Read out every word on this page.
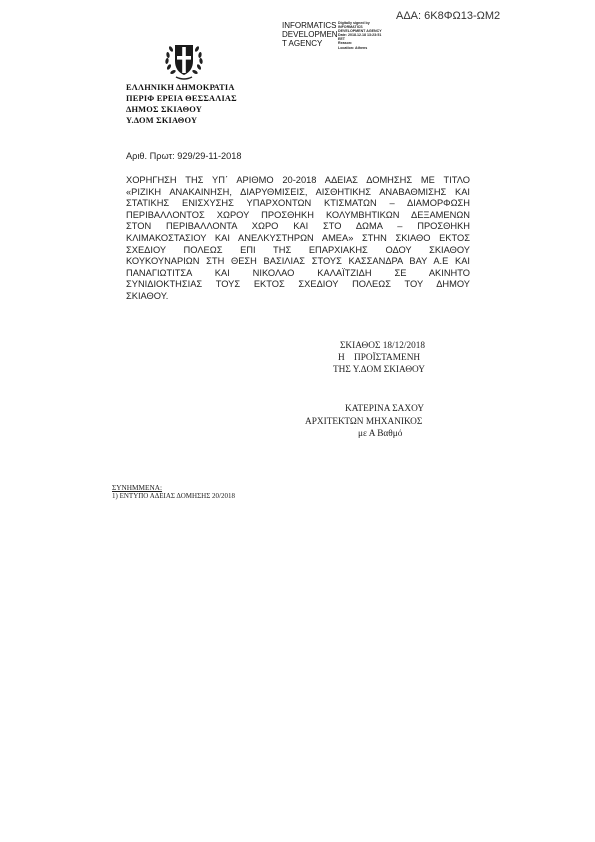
ΑΔΑ: 6Κ8ΦΩ13-ΩΜ2
INFORMATICS
DEVELOPMEN
T AGENCY
Digitally signed by
INFORMATICS
DEVELOPMENT AGENCY
Date: 2018.12.18 13:23:51
EET
Reason:
Location: Athens
ΕΛΛΗΝΙΚΗ ΔΗΜΟΚΡΑΤΙΑ
ΠΕΡΙΦ ΕΡΕΙΑ ΘΕΣΣΑΛΙΑΣ
ΔΗΜΟΣ ΣΚΙΑΘΟΥ
Υ.ΔΟΜ ΣΚΙΑΘΟΥ
Αριθ. Πρωτ: 929/29-11-2018
ΧΟΡΗΓΗΣΗ ΤΗΣ ΥΠ΄ ΑΡΙΘΜΟ 20-2018 ΑΔΕΙΑΣ ΔΟΜΗΣΗΣ ΜΕ ΤΙΤΛΟ
«ΡΙΖΙΚΗ ΑΝΑΚΑΙΝΗΣΗ, ΔΙΑΡΥΘΜΙΣΕΙΣ, ΑΙΣΘΗΤΙΚΗΣ ΑΝΑΒΑΘΜΙΣΗΣ ΚΑΙ
ΣΤΑΤΙΚΗΣ ΕΝΙΣΧΥΣΗΣ ΥΠΑΡΧΟΝΤΩΝ ΚΤΙΣΜΑΤΩΝ – ΔΙΑΜΟΡΦΩΣΗ
ΠΕΡΙΒΑΛΛΟΝΤΟΣ ΧΩΡΟΥ ΠΡΟΣΘΗΚΗ ΚΟΛΥΜΒΗΤΙΚΩΝ ΔΕΞΑΜΕΝΩΝ
ΣΤΟΝ ΠΕΡΙΒΑΛΛΟΝΤΑ ΧΩΡΟ ΚΑΙ ΣΤΟ ΔΩΜΑ – ΠΡΟΣΘΗΚΗ
ΚΛΙΜΑΚΟΣΤΑΣΙΟΥ ΚΑΙ ΑΝΕΛΚΥΣΤΗΡΩΝ ΑΜΕΑ» ΣΤΗΝ ΣΚΙΑΘΟ ΕΚΤΟΣ
ΣΧΕΔΙΟΥ ΠΟΛΕΩΣ ΕΠΙ ΤΗΣ ΕΠΑΡΧΙΑΚΗΣ ΟΔΟΥ ΣΚΙΑΘΟΥ
ΚΟΥΚΟΥΝΑΡΙΩΝ ΣΤΗ ΘΕΣΗ ΒΑΣΙΛΙΑΣ ΣΤΟΥΣ ΚΑΣΣΑΝΔΡΑ ΒΑΥ Α.Ε ΚΑΙ
ΠΑΝΑΓΙΩΤΙΤΣΑ ΚΑΙ ΝΙΚΟΛΑΟ ΚΑΛΑΪΤΖΙΔΗ ΣΕ ΑΚΙΝΗΤΟ
ΣΥΝΙΔΙΟΚΤΗΣΙΑΣ ΤΟΥΣ ΕΚΤΟΣ ΣΧΕΔΙΟΥ ΠΟΛΕΩΣ ΤΟΥ ΔΗΜΟΥ
ΣΚΙΑΘΟΥ.
ΣΚΙΑΘΟΣ 18/12/2018
Η    ΠΡΟΪΣΤΑΜΕΝΗ
ΤΗΣ Υ.ΔΟΜ ΣΚΙΑΘΟΥ
ΚΑΤΕΡΙΝΑ ΣΑΧΟΥ
ΑΡΧΙΤΕΚΤΩΝ ΜΗΧΑΝΙΚΟΣ
με Α Βαθμό
ΣΥΝΗΜΜΕΝΑ:
1) ΕΝΤΥΠΟ ΑΔΕΙΑΣ ΔΟΜΗΣΗΣ 20/2018
